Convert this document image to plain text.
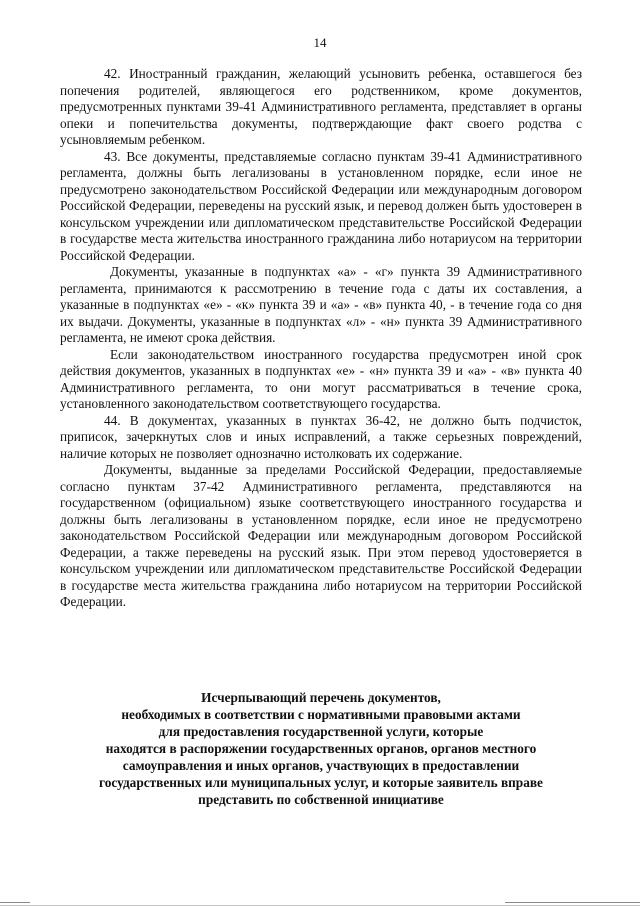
14

42. Иностранный гражданин, желающий усыновить ребенка, оставшегося без попечения родителей, являющегося его родственником, кроме документов, предусмотренных пунктами 39-41 Административного регламента, представляет в органы опеки и попечительства документы, подтверждающие факт своего родства с усыновляемым ребенком.

43. Все документы, представляемые согласно пунктам 39-41 Административного регламента, должны быть легализованы в установленном порядке, если иное не предусмотрено законодательством Российской Федерации или международным договором Российской Федерации, переведены на русский язык, и перевод должен быть удостоверен в консульском учреждении или дипломатическом представительстве Российской Федерации в государстве места жительства иностранного гражданина либо нотариусом на территории Российской Федерации.

Документы, указанные в подпунктах «а» - «г» пункта 39 Административного регламента, принимаются к рассмотрению в течение года с даты их составления, а указанные в подпунктах «е» - «к» пункта 39 и «а» - «в» пункта 40, - в течение года со дня их выдачи. Документы, указанные в подпунктах «л» - «н» пункта 39 Административного регламента, не имеют срока действия.

Если законодательством иностранного государства предусмотрен иной срок действия документов, указанных в подпунктах «е» - «н» пункта 39 и «а» - «в» пункта 40 Административного регламента, то они могут рассматриваться в течение срока, установленного законодательством соответствующего государства.

44. В документах, указанных в пунктах 36-42, не должно быть подчисток, приписок, зачеркнутых слов и иных исправлений, а также серьезных повреждений, наличие которых не позволяет однозначно истолковать их содержание.

Документы, выданные за пределами Российской Федерации, предоставляемые согласно пунктам 37-42 Административного регламента, представляются на государственном (официальном) языке соответствующего иностранного государства и должны быть легализованы в установленном порядке, если иное не предусмотрено законодательством Российской Федерации или международным договором Российской Федерации, а также переведены на русский язык. При этом перевод удостоверяется в консульском учреждении или дипломатическом представительстве Российской Федерации в государстве места жительства гражданина либо нотариусом на территории Российской Федерации.

Исчерпывающий перечень документов,
необходимых в соответствии с нормативными правовыми актами
для предоставления государственной услуги, которые
находятся в распоряжении государственных органов, органов местного
самоуправления и иных органов, участвующих в предоставлении
государственных или муниципальных услуг, и которые заявитель вправе
представить по собственной инициативе
